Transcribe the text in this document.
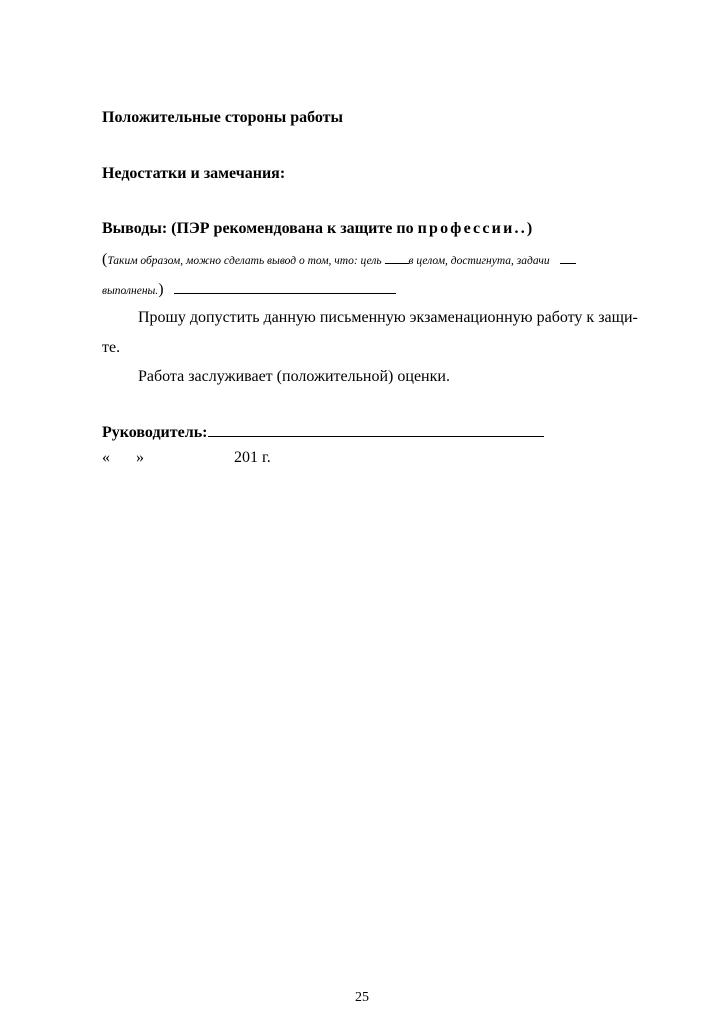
Положительные стороны работы
Недостатки и замечания:
Выводы: (ПЭР рекомендована к защите по профессии..)
(Таким образом, можно сделать вывод о том, что: цель в целом, достигнута, задачи
выполнены.)
Прошу допустить данную письменную экзаменационную работу к защи-
те.
Работа заслуживает (положительной) оценки.
Руководитель:
« »	201 г.
25
